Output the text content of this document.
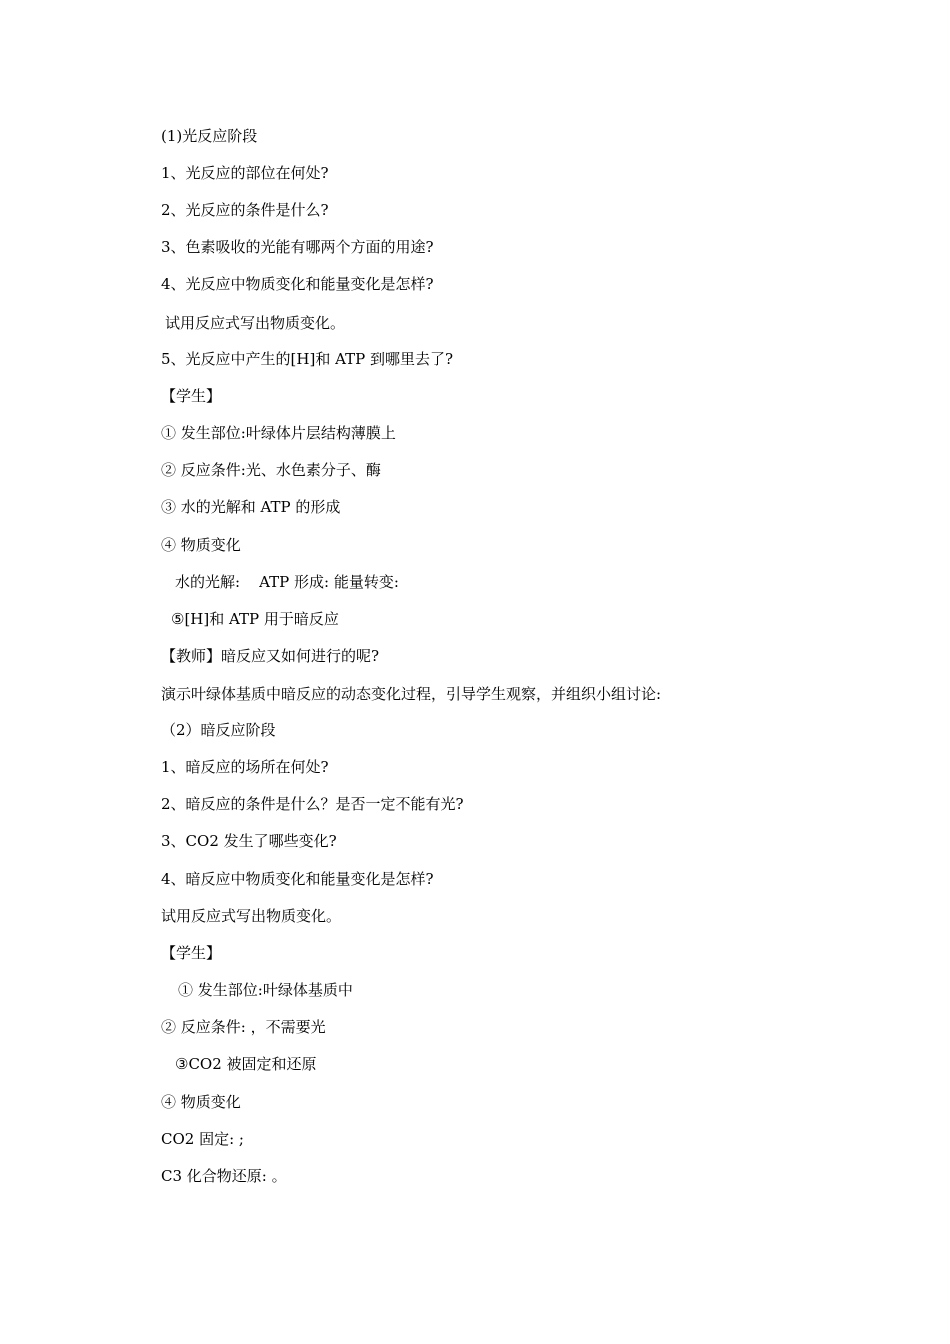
(1)光反应阶段
1、光反应的部位在何处?
2、光反应的条件是什么?
3、色素吸收的光能有哪两个方面的用途?
4、光反应中物质变化和能量变化是怎样?
试用反应式写出物质变化。
5、光反应中产生的[H]和 ATP 到哪里去了?
【学生】
① 发生部位:叶绿体片层结构薄膜上
② 反应条件:光、水色素分子、酶
③ 水的光解和 ATP 的形成
④ 物质变化
水的光解:    ATP 形成: 能量转变:
⑤[H]和 ATP 用于暗反应
【教师】暗反应又如何进行的呢?
演示叶绿体基质中暗反应的动态变化过程，引导学生观察，并组织小组讨论:
（2）暗反应阶段
1、暗反应的场所在何处?
2、暗反应的条件是什么？是否一定不能有光?
3、CO2 发生了哪些变化?
4、暗反应中物质变化和能量变化是怎样?
试用反应式写出物质变化。
【学生】
① 发生部位:叶绿体基质中
② 反应条件: ，不需要光
③CO2 被固定和还原
④ 物质变化
CO2 固定: ;
C3 化合物还原: 。
